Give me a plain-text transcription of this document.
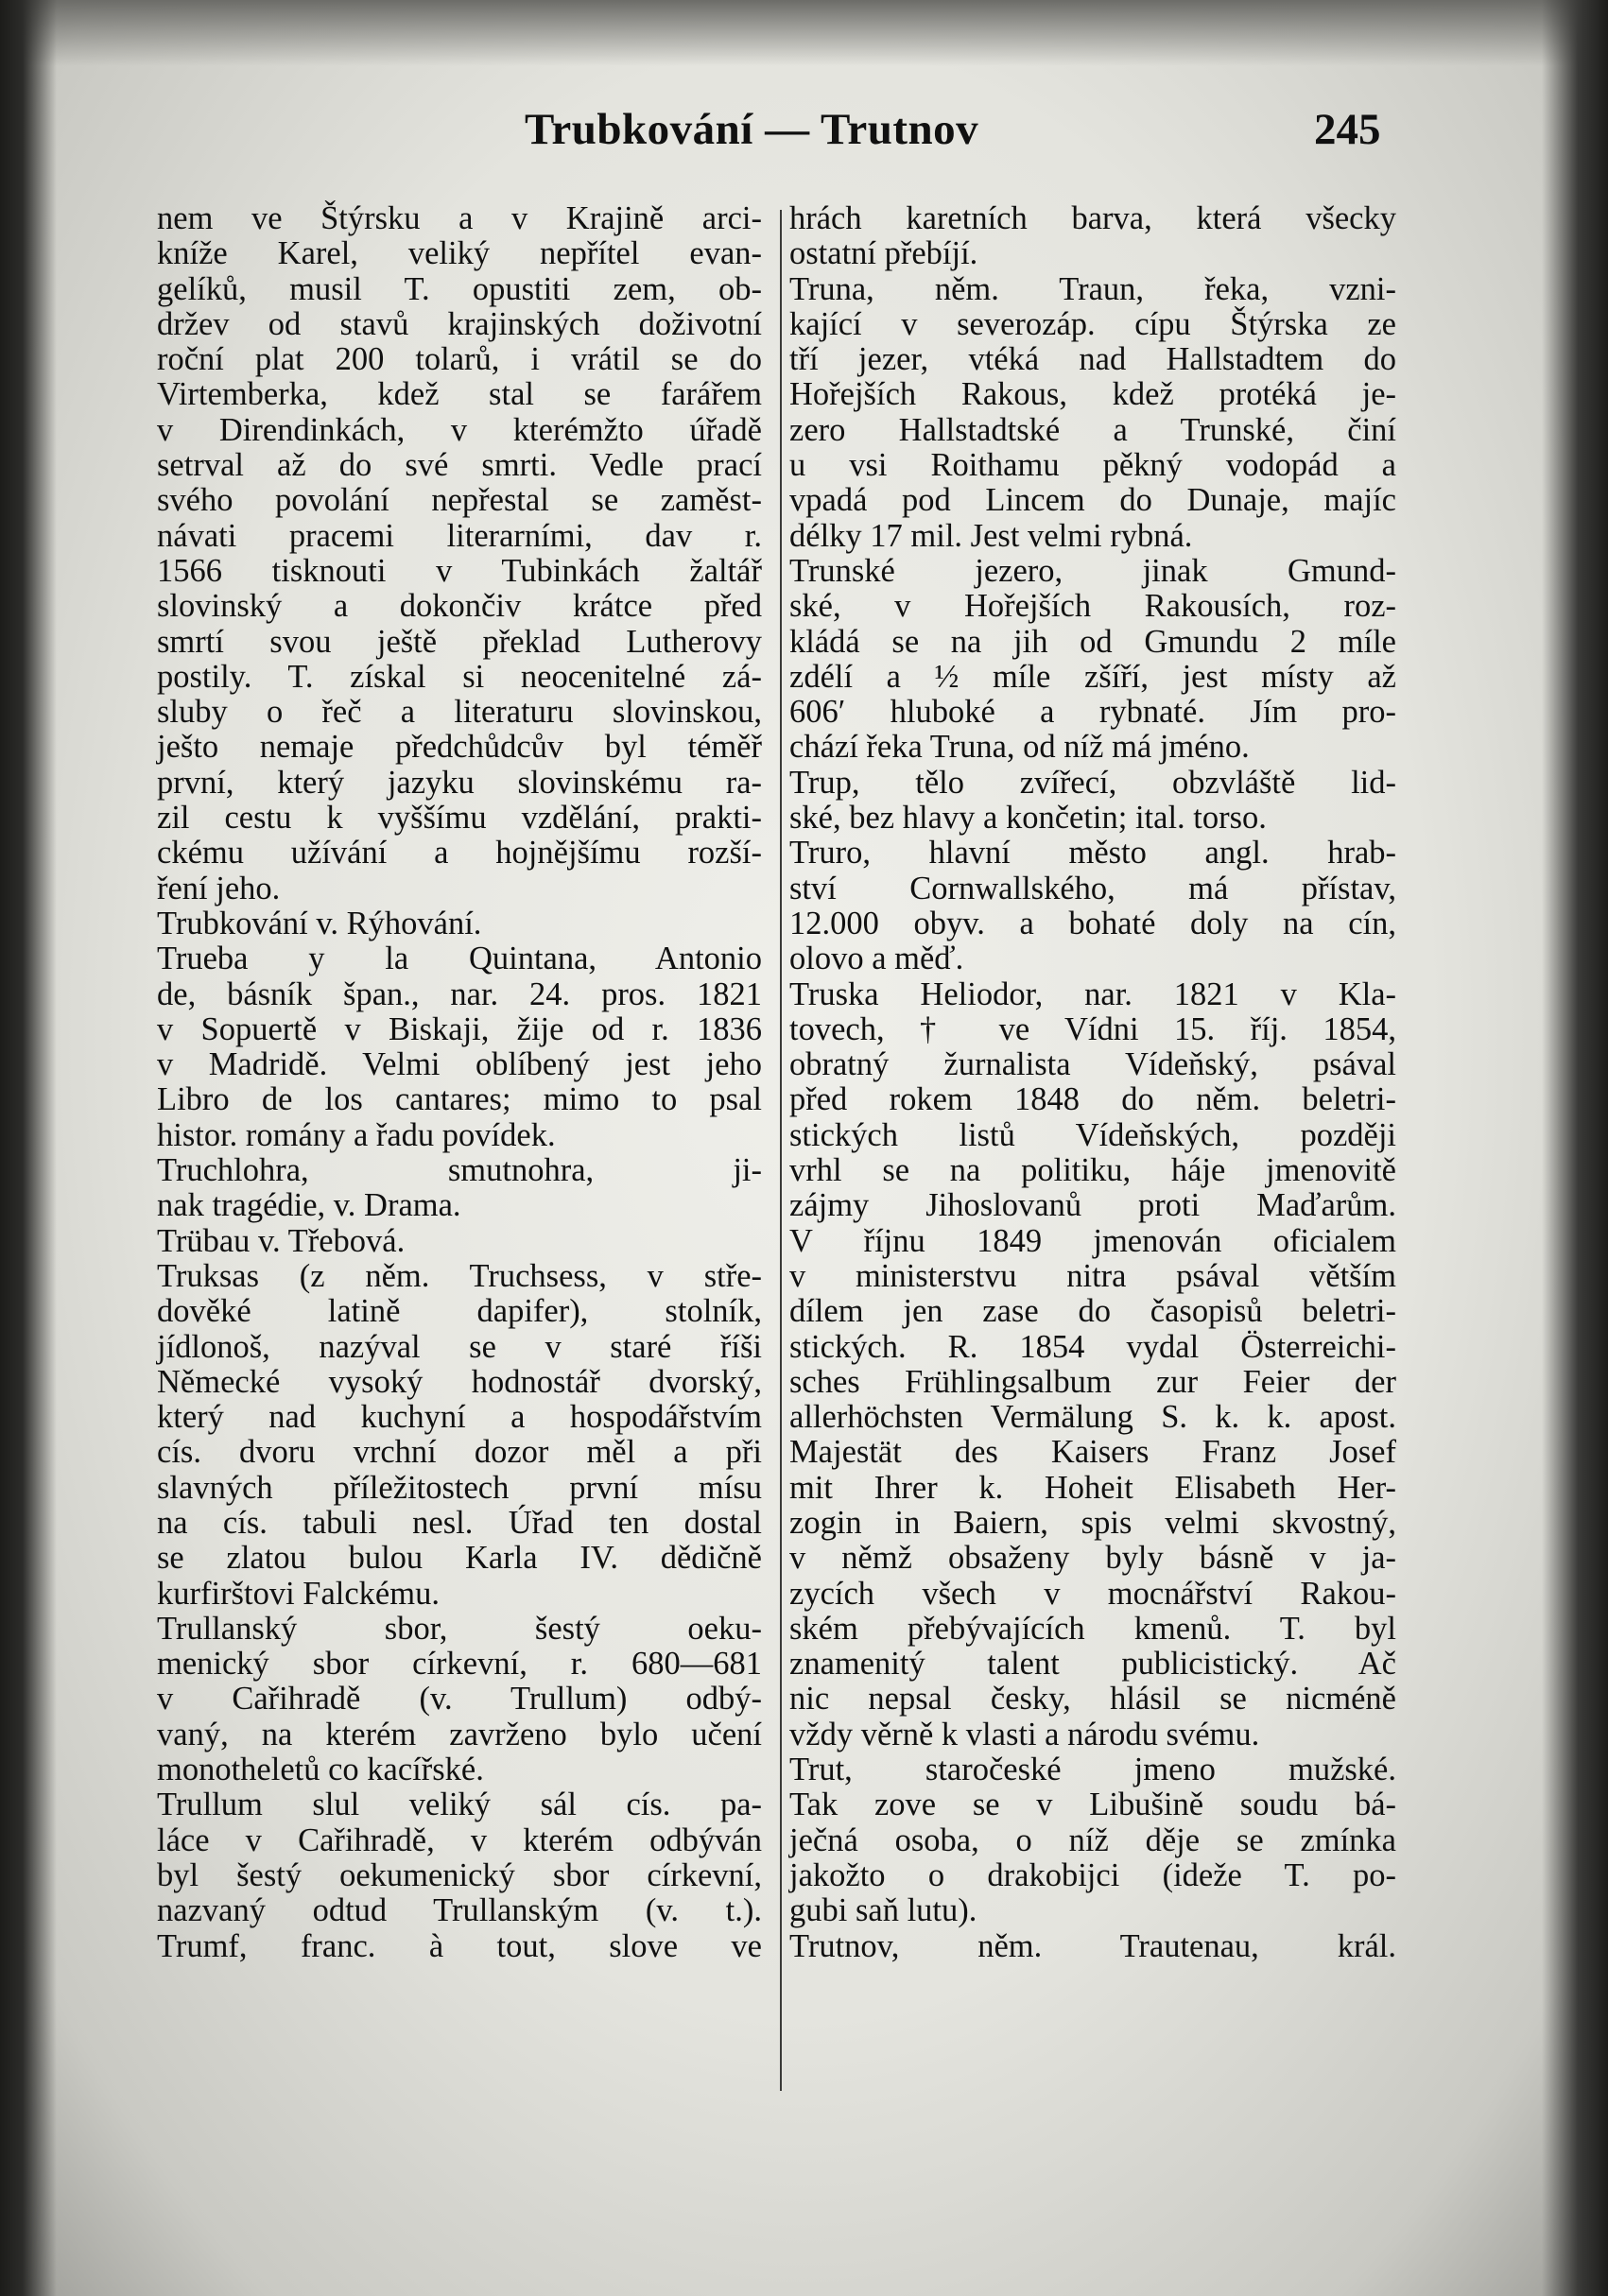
Trubkování — Trutnov	245
nem ve Štýrsku a v Krajině arci-
kníže Karel, veliký nepřítel evan-
gelíků, musil T. opustiti zem, ob-
držev od stavů krajinských doživotní
roční plat 200 tolarů, i vrátil se do
Virtemberka, kdež stal se farářem
v Direndinkách, v kterémžto úřadě
setrval až do své smrti. Vedle prací
svého povolání nepřestal se zaměst-
návati pracemi literarními, dav r.
1566 tisknouti v Tubinkách žaltář
slovinský a dokončiv krátce před
smrtí svou ještě překlad Lutherovy
postily. T. získal si neocenitelné zá-
sluby o řeč a literaturu slovinskou,
ješto nemaje předchůdcův byl téměř
první, který jazyku slovinskému ra-
zil cestu k vyššímu vzdělání, prakti-
ckému užívání a hojnějšímu rozší-
ření jeho.
Trubkování v. Rýhování.
Trueba y la Quintana, Antonio
de, básník špan., nar. 24. pros. 1821
v Sopuertě v Biskaji, žije od r. 1836
v Madridě. Velmi oblíbený jest jeho
Libro de los cantares; mimo to psal
histor. romány a řadu povídek.
Truchlohra, smutnohra, ji-
nak tragédie, v. Drama.
Trübau v. Třebová.
Truksas (z něm. Truchsess, v stře-
dověké latině dapifer), stolník,
jídlonoš, nazýval se v staré říši
Německé vysoký hodnostář dvorský,
který nad kuchyní a hospodářstvím
cís. dvoru vrchní dozor měl a při
slavných příležitostech první mísu
na cís. tabuli nesl. Úřad ten dostal
se zlatou bulou Karla IV. dědičně
kurfirštovi Falckému.
Trullanský sbor, šestý oeku-
menický sbor církevní, r. 680—681
v Cařihradě (v. Trullum) odbý-
vaný, na kterém zavrženo bylo učení
monotheletů co kacířské.
Trullum slul veliký sál cís. pa-
láce v Cařihradě, v kterém odbýván
byl šestý oekumenický sbor církevní,
nazvaný odtud Trullanským (v. t.).
Trumf, franc. à tout, slove ve
hrách karetních barva, která všecky
ostatní přebíjí.
Truna, něm. Traun, řeka, vzni-
kající v severozáp. cípu Štýrska ze
tří jezer, vtéká nad Hallstadtem do
Hořejších Rakous, kdež protéká je-
zero Hallstadtské a Trunské, činí
u vsi Roithamu pěkný vodopád a
vpadá pod Lincem do Dunaje, majíc
délky 17 mil. Jest velmi rybná.
Trunské jezero, jinak Gmund-
ské, v Hořejších Rakousích, roz-
kládá se na jih od Gmundu 2 míle
zdélí a ½ míle zšíří, jest místy až
606′ hluboké a rybnaté. Jím pro-
chází řeka Truna, od níž má jméno.
Trup, tělo zvířecí, obzvláště lid-
ské, bez hlavy a končetin; ital. torso.
Truro, hlavní město angl. hrab-
ství Cornwallského, má přístav,
12.000 obyv. a bohaté doly na cín,
olovo a měď.
Truska Heliodor, nar. 1821 v Kla-
tovech, † ve Vídni 15. říj. 1854,
obratný žurnalista Vídeňský, psával
před rokem 1848 do něm. beletri-
stických listů Vídeňských, později
vrhl se na politiku, háje jmenovitě
zájmy Jihoslovanů proti Maďarům.
V říjnu 1849 jmenován oficialem
v ministerstvu nitra psával větším
dílem jen zase do časopisů beletri-
stických. R. 1854 vydal Österreichi-
sches Frühlingsalbum zur Feier der
allerhöchsten Vermälung S. k. k. apost.
Majestät des Kaisers Franz Josef
mit Ihrer k. Hoheit Elisabeth Her-
zogin in Baiern, spis velmi skvostný,
v němž obsaženy byly básně v ja-
zycích všech v mocnářství Rakou-
ském přebývajících kmenů. T. byl
znamenitý talent publicistický. Ač
nic nepsal česky, hlásil se nicméně
vždy věrně k vlasti a národu svému.
Trut, staročeské jmeno mužské.
Tak zove se v Libušině soudu bá-
ječná osoba, o níž děje se zmínka
jakožto o drakobijci (ideže T. po-
gubi saň lutu).
Trutnov, něm. Trautenau, král.
